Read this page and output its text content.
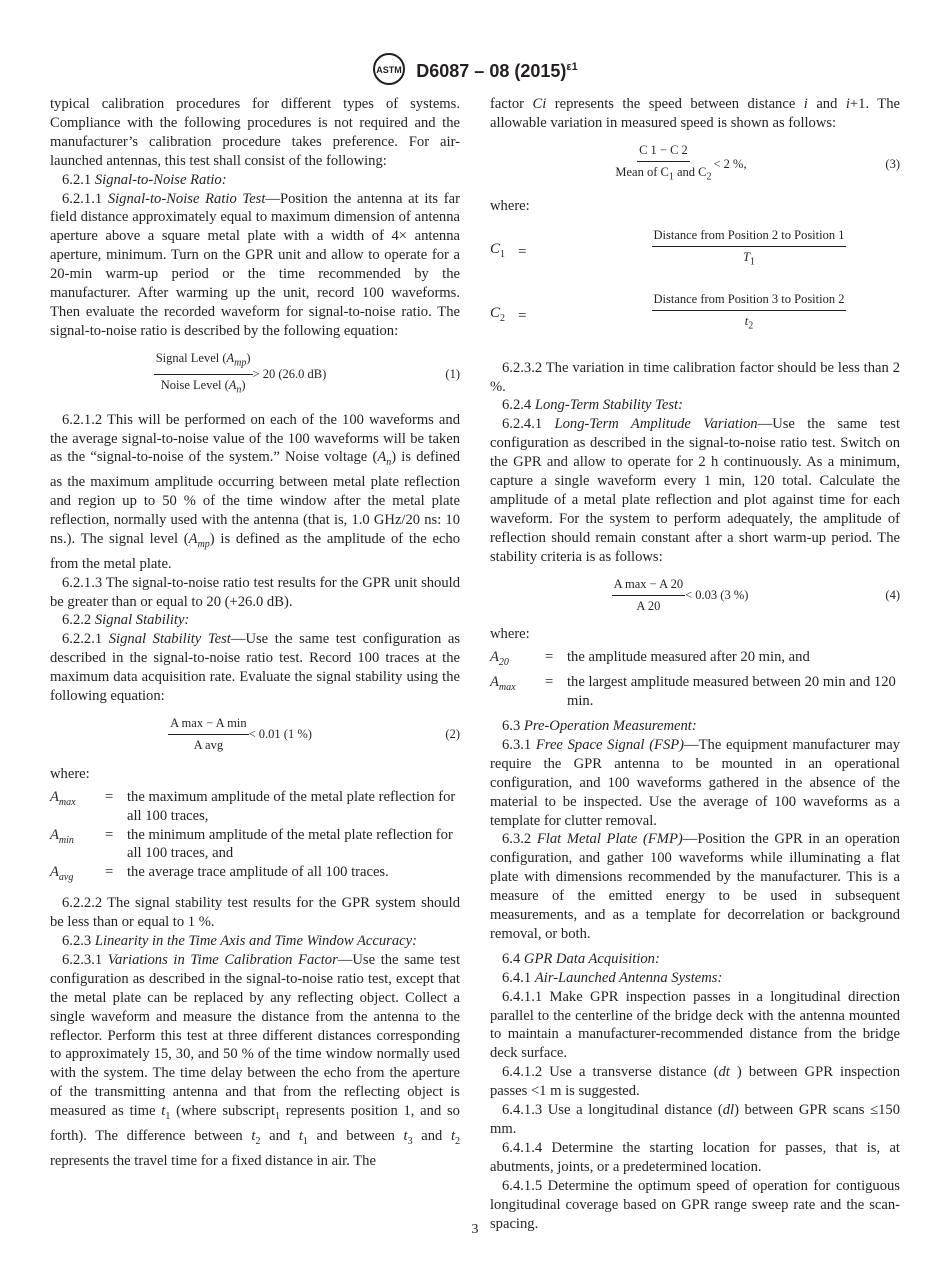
ASTM D6087 – 08 $(2015)^{\varepsilon 1}$

typical calibration procedures for different types of systems. Compliance with the following procedures is not required and the manufacturer’s calibration procedure takes preference. For air-launched antennas, this test shall consist of the following:

6.2.1 Signal-to-Noise Ratio:

6.2.1.1 Signal-to-Noise Ratio Test—Position the antenna at its far field distance approximately equal to maximum dimension of antenna aperture above a square metal plate with a width of 4× antenna aperture, minimum. Turn on the GPR unit and allow to operate for a 20-min warm-up period or the time recommended by the manufacturer. After warming up the unit, record 100 waveforms. Then evaluate the recorded waveform for signal-to-noise ratio. The signal-to-noise ratio is described by the following equation:

$\frac{Signal Level (A_{mp})}{Noise Level (A_n)} > 20$ (26.0 dB)	(1)

6.2.1.2 This will be performed on each of the 100 waveforms and the average signal-to-noise value of the 100 waveforms will be taken as the “signal-to-noise of the system.” Noise voltage $(A_n)$ is defined as the maximum amplitude occurring between metal plate reflection and region up to 50 % of the time window after the metal plate reflection, normally used with the antenna (that is, 1.0 GHz/20 ns: 10 ns.). The signal level $(A_{mp})$ is defined as the amplitude of the echo from the metal plate.

6.2.1.3 The signal-to-noise ratio test results for the GPR unit should be greater than or equal to 20 (+26.0 dB).

6.2.2 Signal Stability:

6.2.2.1 Signal Stability Test—Use the same test configuration as described in the signal-to-noise ratio test. Record 100 traces at the maximum data acquisition rate. Evaluate the signal stability using the following equation:

$\frac{\text{A max − A min}}{\text{A avg}} < 0.01$ (1 %)	(2)

where:

$A_{max}$	=	the maximum amplitude of the metal plate reflection for all 100 traces,
$A_{min}$	=	the minimum amplitude of the metal plate reflection for all 100 traces, and
$A_{avg}$	=	the average trace amplitude of all 100 traces.

6.2.2.2 The signal stability test results for the GPR system should be less than or equal to 1 %.

6.2.3 Linearity in the Time Axis and Time Window Accuracy:

6.2.3.1 Variations in Time Calibration Factor—Use the same test configuration as described in the signal-to-noise ratio test, except that the metal plate can be replaced by any reflecting object. Collect a single waveform and measure the distance from the antenna to the reflector. Perform this test at three different distances corresponding to approximately 15, 30, and 50 % of the time window normally used with the system. The time delay between the echo from the aperture of the transmitting antenna and that from the reflecting object is measured as time $t_1$ (where subscript$_1$ represents position 1, and so forth). The difference between $t_2$ and $t_1$ and between $t_3$ and $t_2$ represents the travel time for a fixed distance in air. The

factor Ci represents the speed between distance i and i+1. The allowable variation in measured speed is shown as follows:

$\frac{C 1 - C 2}{Mean of C_1 and C_2} < 2$ %,	(3)

where:

$C_1$	=	$\frac{\text{Distance from Position 2 to Position 1}}{T_1}$

$C_2$	=	$\frac{\text{Distance from Position 3 to Position 2}}{t_2}$

6.2.3.2 The variation in time calibration factor should be less than 2 %.

6.2.4 Long-Term Stability Test:

6.2.4.1 Long-Term Amplitude Variation—Use the same test configuration as described in the signal-to-noise ratio test. Switch on the GPR and allow to operate for 2 h continuously. As a minimum, capture a single waveform every 1 min, 120 total. Calculate the amplitude of a metal plate reflection and plot against time for each waveform. For the system to perform adequately, the amplitude of reflection should remain constant after a short warm-up period. The stability criteria is as follows:

$\frac{\text{A max − A 20}}{A 20} < 0.03$ (3 %)	(4)

where:

$A_{20}$	=	the amplitude measured after 20 min, and
$A_{max}$	=	the largest amplitude measured between 20 min and 120 min.

6.3 Pre-Operation Measurement:

6.3.1 Free Space Signal (FSP)—The equipment manufacturer may require the GPR antenna to be mounted in an operational configuration, and 100 waveforms gathered in the absence of the material to be inspected. Use the average of 100 waveforms as a template for clutter removal.

6.3.2 Flat Metal Plate (FMP)—Position the GPR in an operation configuration, and gather 100 waveforms while illuminating a flat plate with dimensions recommended by the manufacturer. This is a measure of the emitted energy to be used in subsequent measurements, and as a template for decorrelation or background removal, or both.

6.4 GPR Data Acquisition:

6.4.1 Air-Launched Antenna Systems:

6.4.1.1 Make GPR inspection passes in a longitudinal direction parallel to the centerline of the bridge deck with the antenna mounted to maintain a manufacturer-recommended distance from the bridge deck surface.

6.4.1.2 Use a transverse distance (dt ) between GPR inspection passes <1 m is suggested.

6.4.1.3 Use a longitudinal distance (dl) between GPR scans ≤150 mm.

6.4.1.4 Determine the starting location for passes, that is, at abutments, joints, or a predetermined location.

6.4.1.5 Determine the optimum speed of operation for contiguous longitudinal coverage based on GPR range sweep rate and the scan-spacing.

3
